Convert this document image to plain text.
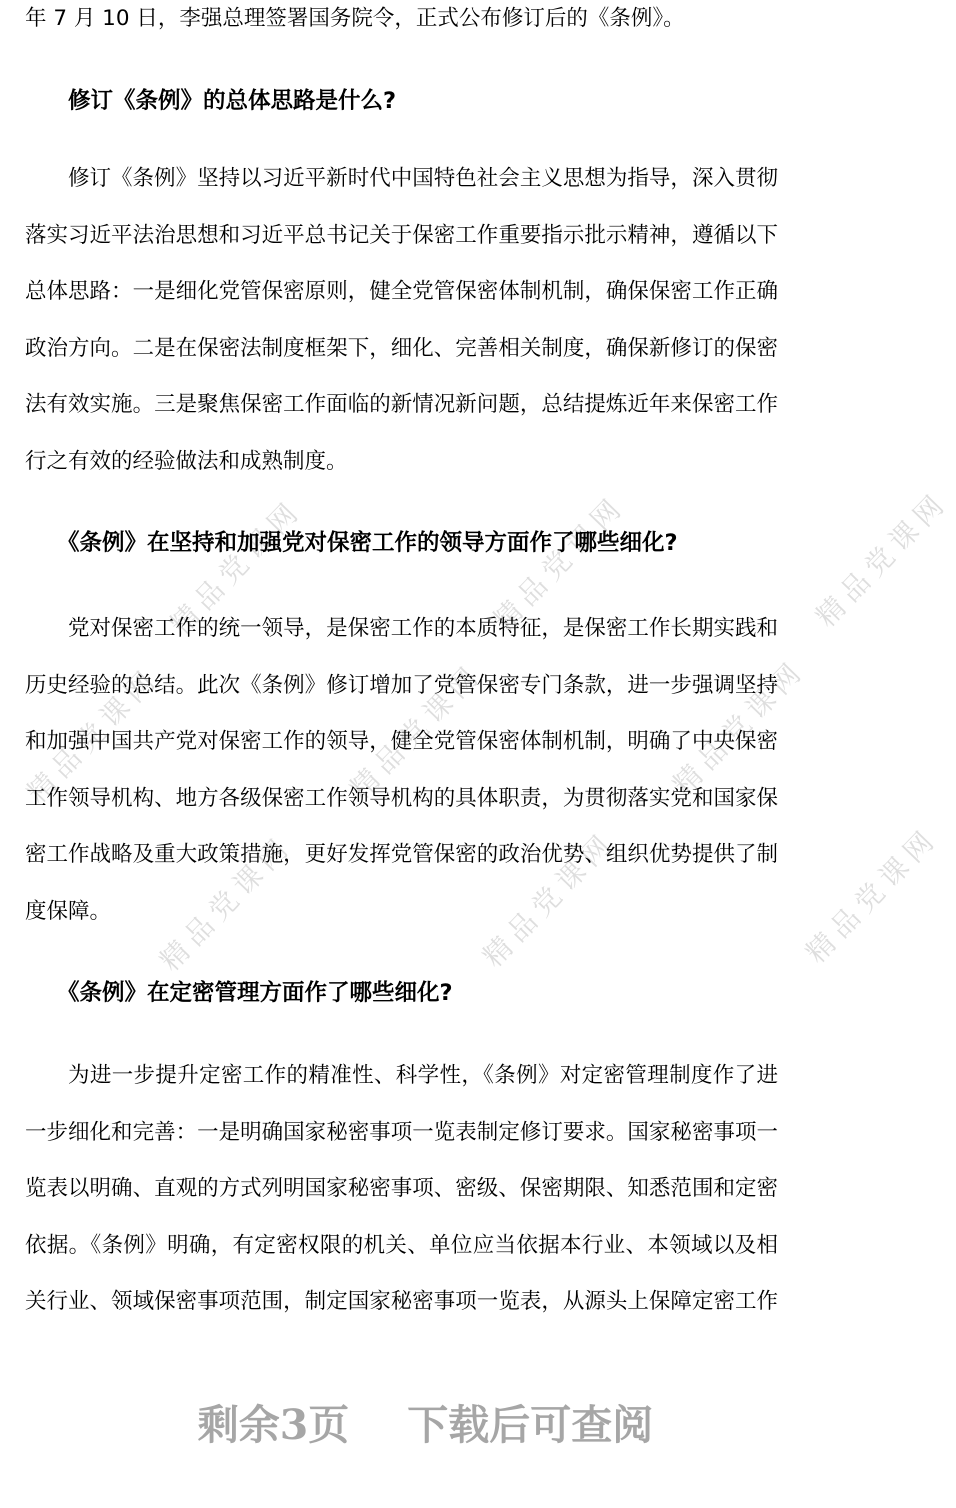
精品党课网	精品党课网	精品党课网
精品党课网	精品党课网	精品党课网
精品党课网	精品党课网	精品党课网
年 7 月 10 日，李强总理签署国务院令，正式公布修订后的《条例》。
修订《条例》的总体思路是什么?
修订《条例》坚持以习近平新时代中国特色社会主义思想为指导，深入贯彻
落实习近平法治思想和习近平总书记关于保密工作重要指示批示精神，遵循以下
总体思路：一是细化党管保密原则，健全党管保密体制机制，确保保密工作正确
政治方向。二是在保密法制度框架下，细化、完善相关制度，确保新修订的保密
法有效实施。三是聚焦保密工作面临的新情况新问题，总结提炼近年来保密工作
行之有效的经验做法和成熟制度。
《条例》在坚持和加强党对保密工作的领导方面作了哪些细化?
党对保密工作的统一领导，是保密工作的本质特征，是保密工作长期实践和
历史经验的总结。此次《条例》修订增加了党管保密专门条款，进一步强调坚持
和加强中国共产党对保密工作的领导，健全党管保密体制机制，明确了中央保密
工作领导机构、地方各级保密工作领导机构的具体职责，为贯彻落实党和国家保
密工作战略及重大政策措施，更好发挥党管保密的政治优势、组织优势提供了制
度保障。
《条例》在定密管理方面作了哪些细化?
为进一步提升定密工作的精准性、科学性，《条例》对定密管理制度作了进
一步细化和完善：一是明确国家秘密事项一览表制定修订要求。国家秘密事项一
览表以明确、直观的方式列明国家秘密事项、密级、保密期限、知悉范围和定密
依据。《条例》明确，有定密权限的机关、单位应当依据本行业、本领域以及相
关行业、领域保密事项范围，制定国家秘密事项一览表，从源头上保障定密工作
剩余3页 下载后可查阅
